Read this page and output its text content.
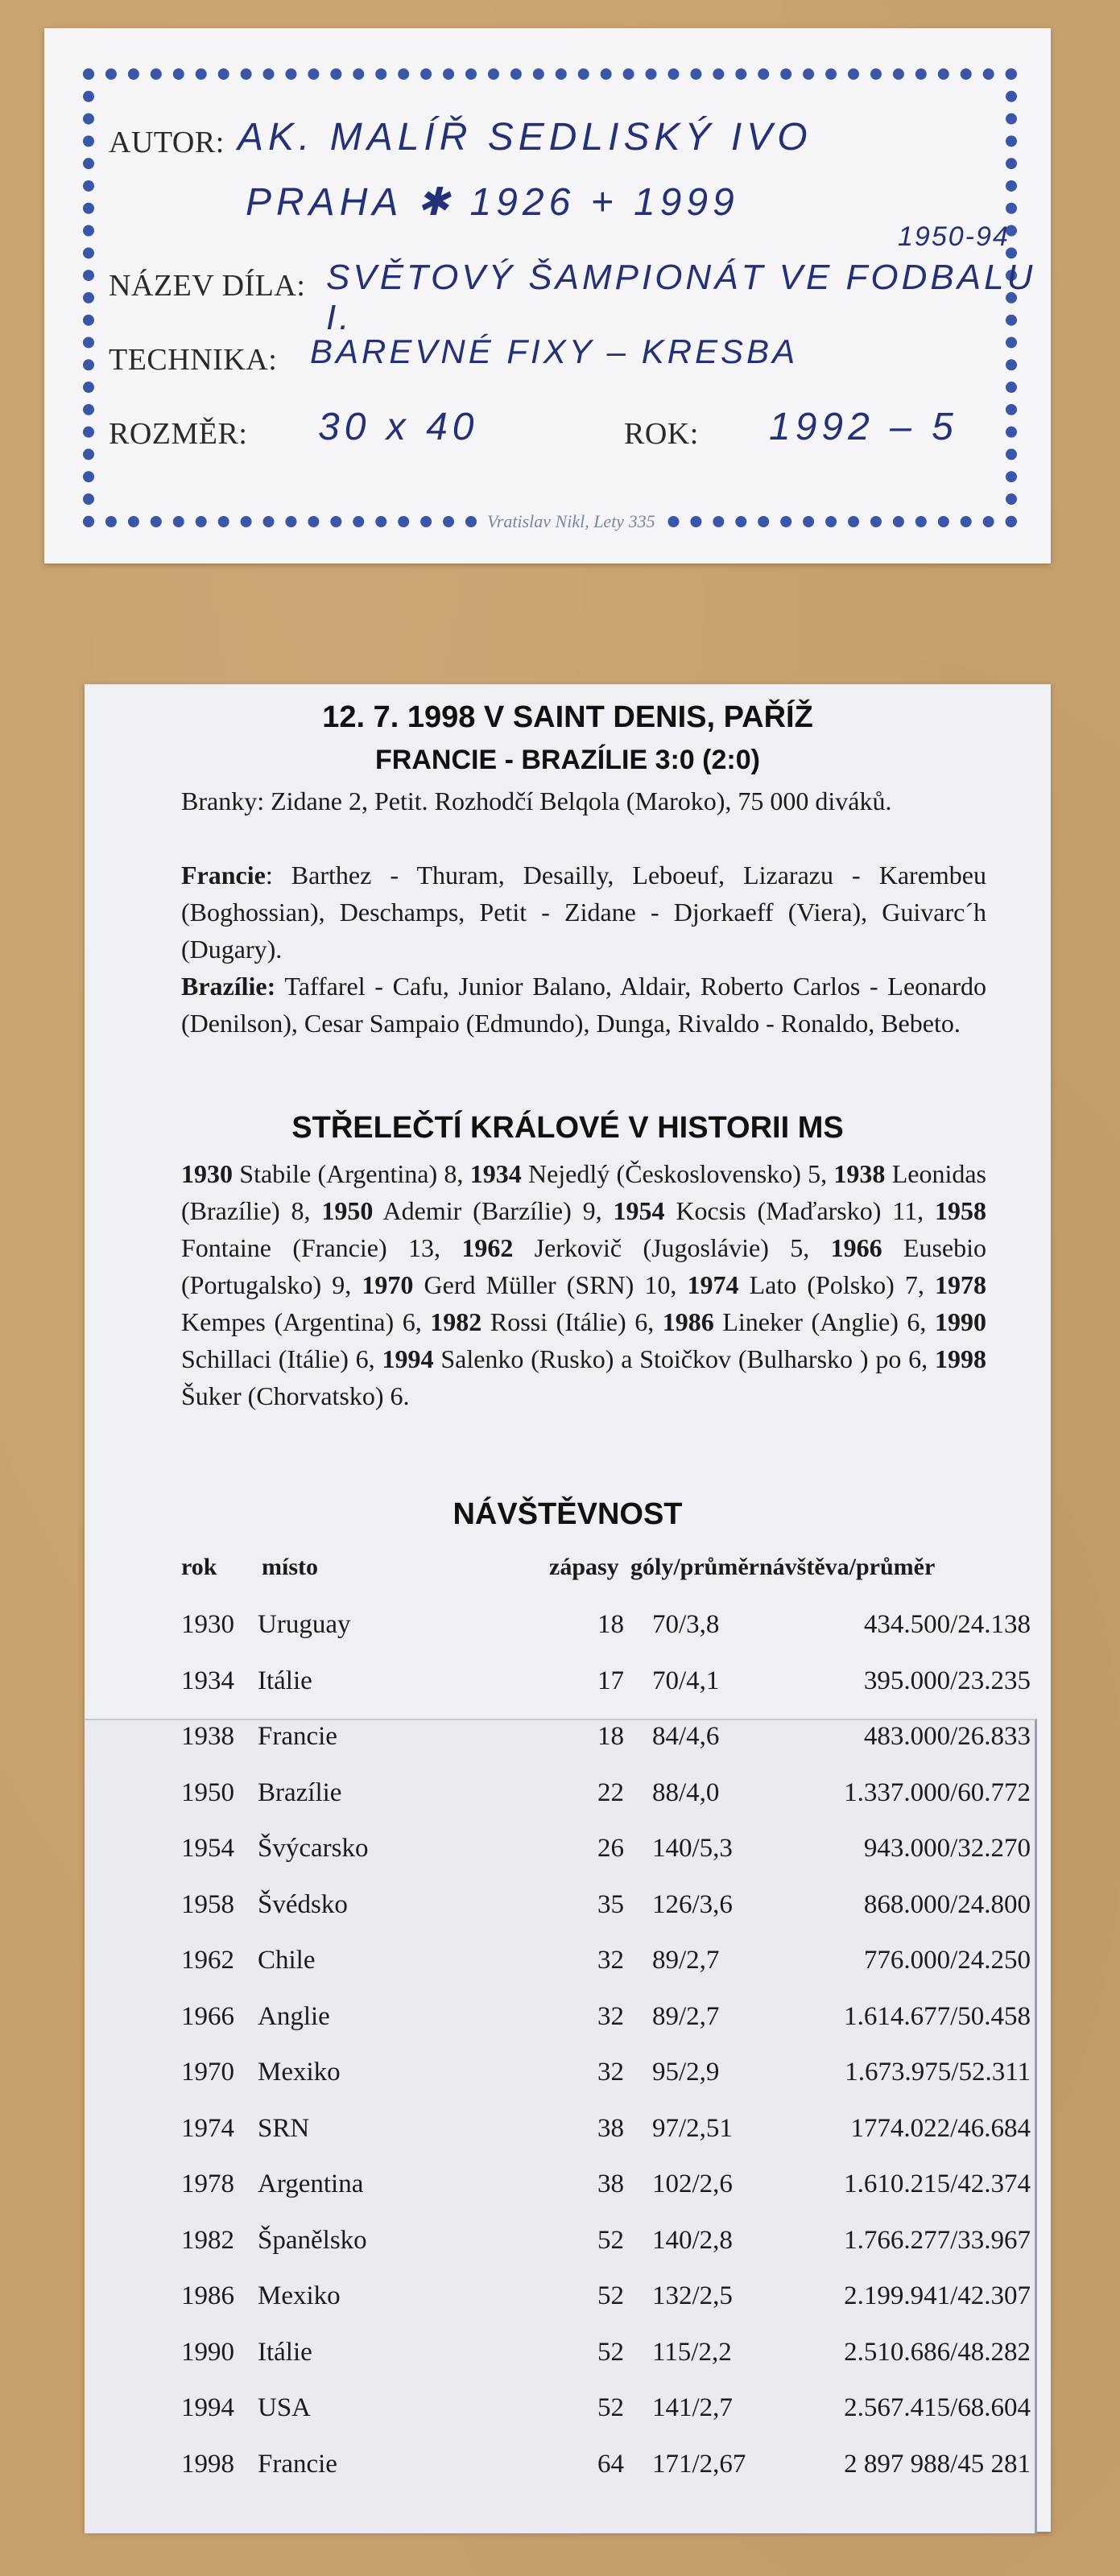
AUTOR: AK. MALÍŘ SEDLISKÝ IVO
PRAHA ✱ 1926 + 1999
NÁZEV DÍLA: SVĚTOVÝ ŠAMPIONÁT VE FODBALU I.
1950-94
TECHNIKA: BAREVNÉ FIXY – KRESBA
ROZMĚR: 30 x 40	ROK: 1992 – 5
Vratislav Nikl, Lety 335
12. 7. 1998 V SAINT DENIS, PAŘÍŽ
FRANCIE - BRAZÍLIE 3:0 (2:0)

Branky: Zidane 2, Petit. Rozhodčí Belqola (Maroko), 75 000 diváků.

Francie: Barthez - Thuram, Desailly, Leboeuf, Lizarazu - Karembeu (Boghossian), Deschamps, Petit - Zidane - Djorkaeff (Viera), Guivarc´h (Dugary).

Brazílie: Taffarel - Cafu, Junior Balano, Aldair, Roberto Carlos - Leonardo (Denilson), Cesar Sampaio (Edmundo), Dunga, Rivaldo - Ronaldo, Bebeto.

STŘELEČTÍ KRÁLOVÉ V HISTORII MS

1930 Stabile (Argentina) 8, 1934 Nejedlý (Československo) 5, 1938 Leonidas (Brazílie) 8, 1950 Ademir (Barzílie) 9, 1954 Kocsis (Maďarsko) 11, 1958 Fontaine (Francie) 13, 1962 Jerkovič (Jugoslávie) 5, 1966 Eusebio (Portugalsko) 9, 1970 Gerd Müller (SRN) 10, 1974 Lato (Polsko) 7, 1978 Kempes (Argentina) 6, 1982 Rossi (Itálie) 6, 1986 Lineker (Anglie) 6, 1990 Schillaci (Itálie) 6, 1994 Salenko (Rusko) a Stoičkov (Bulharsko ) po 6, 1998 Šuker (Chorvatsko) 6.

NÁVŠTĚVNOST
rok místo	zápasy góly/průměr návštěva/průměr
1930 Uruguay	18 70/3,8	434.500/24.138
1934 Itálie	17 70/4,1	395.000/23.235
1938 Francie	18 84/4,6	483.000/26.833
1950 Brazílie	22 88/4,0	1.337.000/60.772
1954 Švýcarsko	26 140/5,3	943.000/32.270
1958 Švédsko	35 126/3,6	868.000/24.800
1962 Chile	32 89/2,7	776.000/24.250
1966 Anglie	32 89/2,7	1.614.677/50.458
1970 Mexiko	32 95/2,9	1.673.975/52.311
1974 SRN	38 97/2,51	1774.022/46.684
1978 Argentina	38 102/2,6	1.610.215/42.374
1982 Španělsko	52 140/2,8	1.766.277/33.967
1986 Mexiko	52 132/2,5	2.199.941/42.307
1990 Itálie	52 115/2,2	2.510.686/48.282
1994 USA	52 141/2,7	2.567.415/68.604
1998 Francie	64 171/2,67	2 897 988/45 281
